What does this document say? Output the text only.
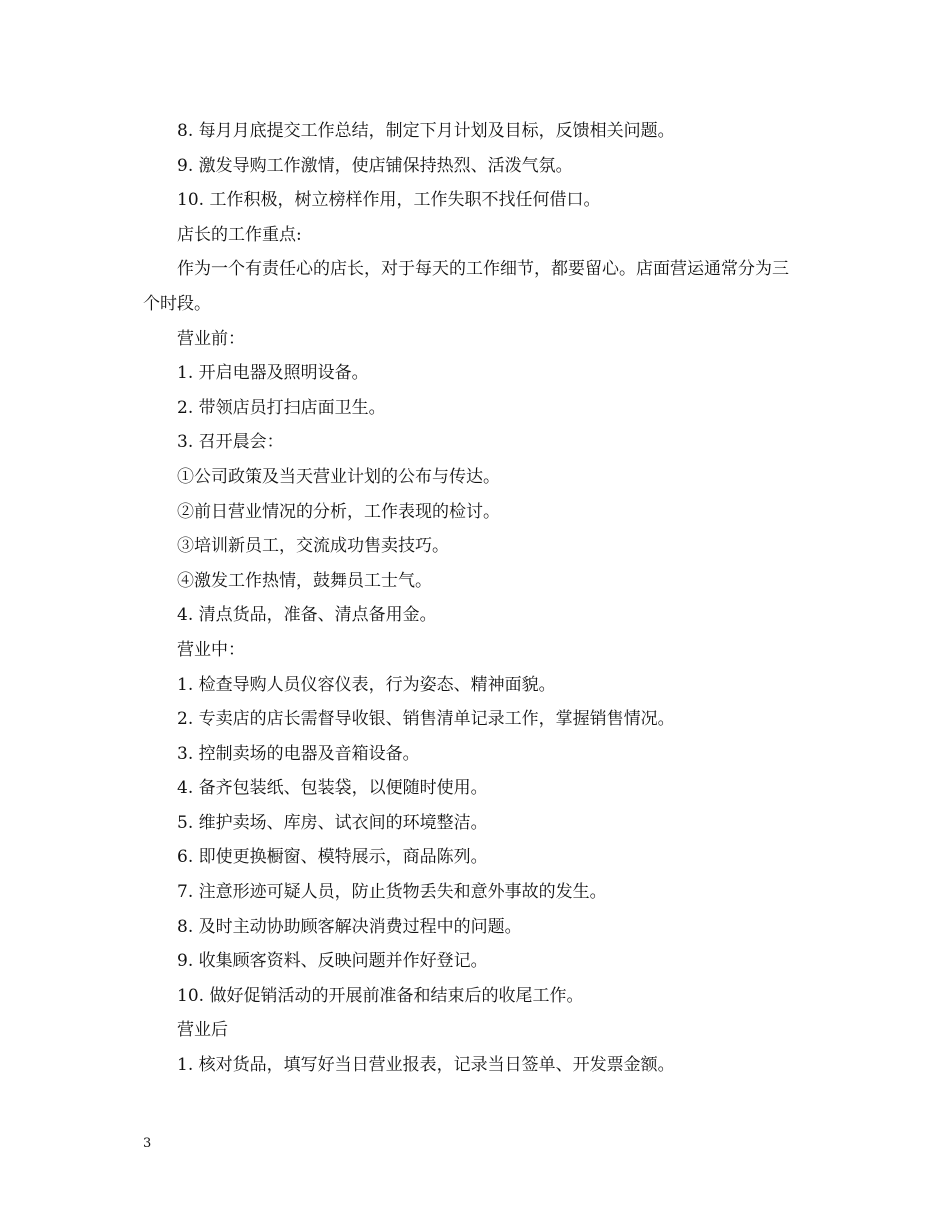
8. 每月月底提交工作总结，制定下月计划及目标，反馈相关问题。

9. 激发导购工作激情，使店铺保持热烈、活泼气氛。

10. 工作积极，树立榜样作用，工作失职不找任何借口。

店长的工作重点:

作为一个有责任心的店长，对于每天的工作细节，都要留心。店面营运通常分为三个时段。

营业前：

1. 开启电器及照明设备。

2. 带领店员打扫店面卫生。

3. 召开晨会：

①公司政策及当天营业计划的公布与传达。

②前日营业情况的分析，工作表现的检讨。

③培训新员工，交流成功售卖技巧。

④激发工作热情，鼓舞员工士气。

4. 清点货品，准备、清点备用金。

营业中：

1. 检查导购人员仪容仪表，行为姿态、精神面貌。

2. 专卖店的店长需督导收银、销售清单记录工作，掌握销售情况。

3. 控制卖场的电器及音箱设备。

4. 备齐包装纸、包装袋，以便随时使用。

5. 维护卖场、库房、试衣间的环境整洁。

6. 即使更换橱窗、模特展示，商品陈列。

7. 注意形迹可疑人员，防止货物丢失和意外事故的发生。

8. 及时主动协助顾客解决消费过程中的问题。

9. 收集顾客资料、反映问题并作好登记。

10. 做好促销活动的开展前准备和结束后的收尾工作。

营业后

1. 核对货品，填写好当日营业报表，记录当日签单、开发票金额。

3
